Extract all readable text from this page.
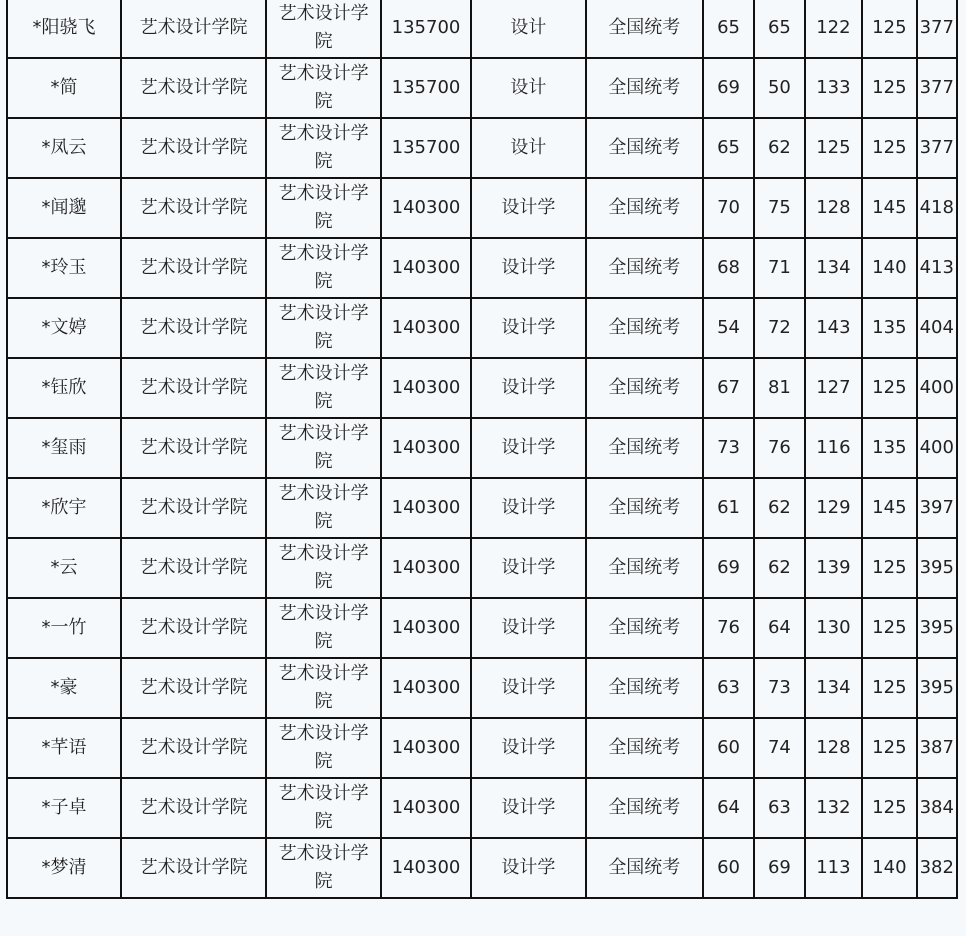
*阳骁飞	艺术设计学院	艺术设计学院	135700	设计	全国统考	65	65	122	125	377
*简	艺术设计学院	艺术设计学院	135700	设计	全国统考	69	50	133	125	377
*凤云	艺术设计学院	艺术设计学院	135700	设计	全国统考	65	62	125	125	377
*闻邈	艺术设计学院	艺术设计学院	140300	设计学	全国统考	70	75	128	145	418
*玲玉	艺术设计学院	艺术设计学院	140300	设计学	全国统考	68	71	134	140	413
*文婷	艺术设计学院	艺术设计学院	140300	设计学	全国统考	54	72	143	135	404
*钰欣	艺术设计学院	艺术设计学院	140300	设计学	全国统考	67	81	127	125	400
*玺雨	艺术设计学院	艺术设计学院	140300	设计学	全国统考	73	76	116	135	400
*欣宇	艺术设计学院	艺术设计学院	140300	设计学	全国统考	61	62	129	145	397
*云	艺术设计学院	艺术设计学院	140300	设计学	全国统考	69	62	139	125	395
*一竹	艺术设计学院	艺术设计学院	140300	设计学	全国统考	76	64	130	125	395
*豪	艺术设计学院	艺术设计学院	140300	设计学	全国统考	63	73	134	125	395
*芊语	艺术设计学院	艺术设计学院	140300	设计学	全国统考	60	74	128	125	387
*子卓	艺术设计学院	艺术设计学院	140300	设计学	全国统考	64	63	132	125	384
*梦清	艺术设计学院	艺术设计学院	140300	设计学	全国统考	60	69	113	140	382
